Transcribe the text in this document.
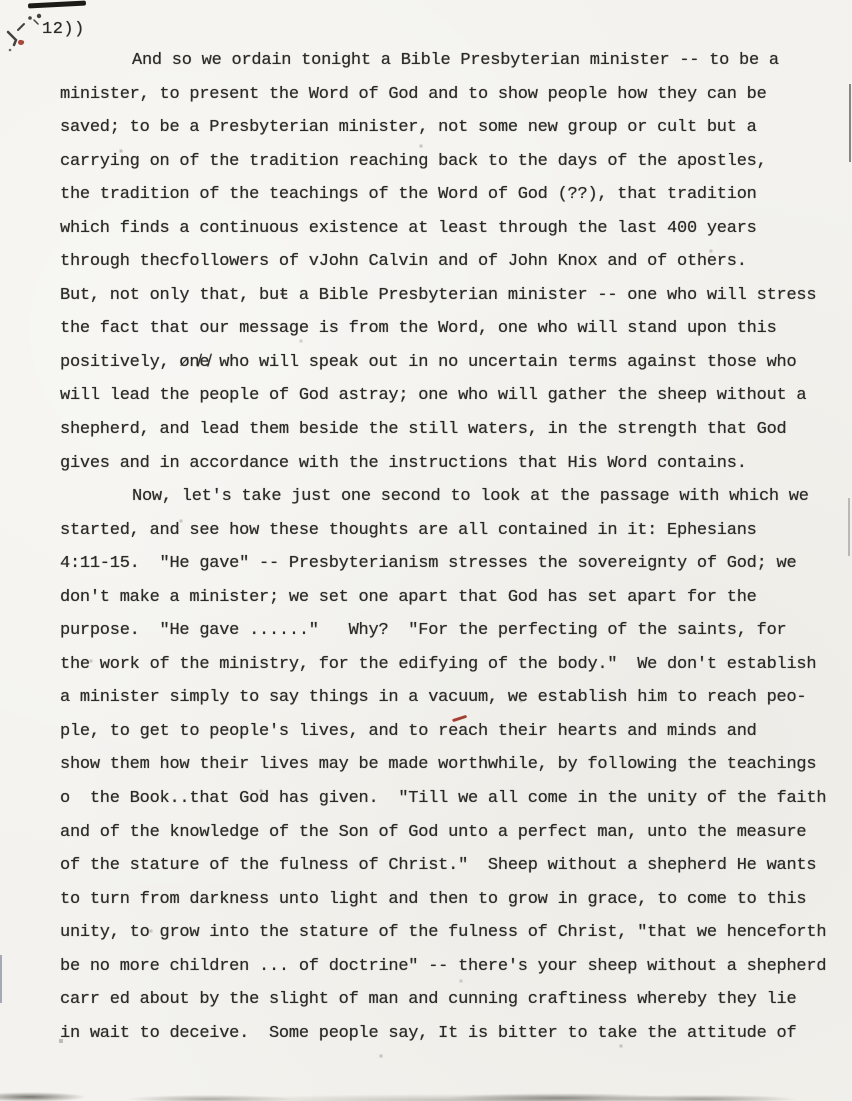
12))
And so we ordain tonight a Bible Presbyterian minister -- to be a
minister, to present the Word of God and to show people how they can be
saved; to be a Presbyterian minister, not some new group or cult but a
carrying on of the tradition reaching back to the days of the apostles,
the tradition of the teachings of the Word of God (??), that tradition
which finds a continuous existence at least through the last 400 years
through thecfollowers of vJohn Calvin and of John Knox and of others.
But, not only that, buŧ a Bible Presbyterian minister -- one who will stress
the fact that our message is from the Word, one who will stand upon this
positively, øn̸e̸ who will speak out in no uncertain terms against those who
will lead the people of God astray; one who will gather the sheep without a
shepherd, and lead them beside the still waters, in the strength that God
gives and in accordance with the instructions that His Word contains.
Now, let's take just one second to look at the passage with which we
started, and see how these thoughts are all contained in it: Ephesians
4:11-15.  "He gave" -- Presbyterianism stresses the sovereignty of God; we
don't make a minister; we set one apart that God has set apart for the
purpose.  "He gave ......"   Why?  "For the perfecting of the saints, for
the work of the ministry, for the edifying of the body."  We don't establish
a minister simply to say things in a vacuum, we establish him to reach peo-
ple, to get to people's lives, and to reach their hearts and minds and
show them how their lives may be made worthwhile, by following the teachings
o  the Book..that God has given.  "Till we all come in the unity of the faith
and of the knowledge of the Son of God unto a perfect man, unto the measure
of the stature of the fulness of Christ."  Sheep without a shepherd He wants
to turn from darkness unto light and then to grow in grace, to come to this
unity, to grow into the stature of the fulness of Christ, "that we henceforth
be no more children ... of doctrine" -- there's your sheep without a shepherd
carr ed about by the slight of man and cunning craftiness whereby they lie
in wait to deceive.  Some people say, It is bitter to take the attitude of
